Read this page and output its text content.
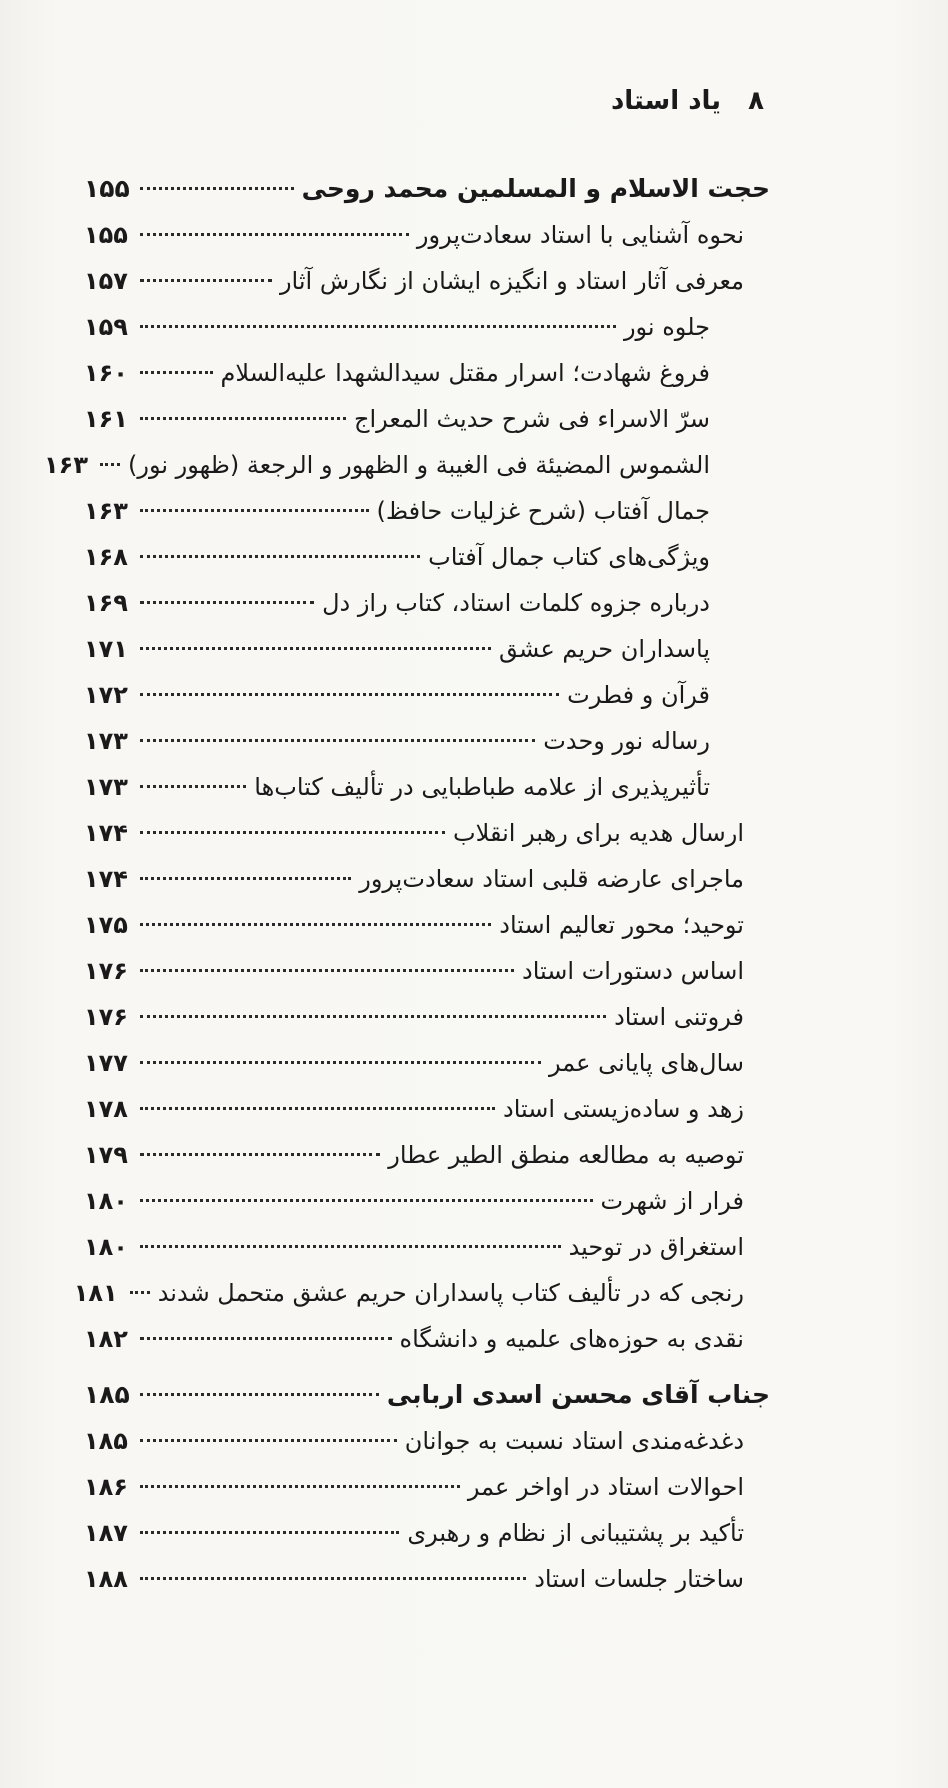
۸ یاد استاد
حجت الاسلام و المسلمین محمد روحی
۱۵۵
نحوه آشنایی با استاد سعادت‌پرور
۱۵۵
معرفی آثار استاد و انگیزه ایشان از نگارش آثار
۱۵۷
جلوه نور
۱۵۹
فروغ شهادت؛ اسرار مقتل سیدالشهدا علیه‌السلام
۱۶۰
سرّ الاسراء فی شرح حدیث المعراج
۱۶۱
الشموس المضیئة فی الغیبة و الظهور و الرجعة (ظهور نور)
۱۶۳
جمال آفتاب (شرح غزلیات حافظ)
۱۶۳
ویژگی‌های کتاب جمال آفتاب
۱۶۸
درباره جزوه کلمات استاد، کتاب راز دل
۱۶۹
پاسداران حریم عشق
۱۷۱
قرآن و فطرت
۱۷۲
رساله نور وحدت
۱۷۳
تأثیرپذیری از علامه طباطبایی در تألیف کتاب‌ها
۱۷۳
ارسال هدیه برای رهبر انقلاب
۱۷۴
ماجرای عارضه قلبی استاد سعادت‌پرور
۱۷۴
توحید؛ محور تعالیم استاد
۱۷۵
اساس دستورات استاد
۱۷۶
فروتنی استاد
۱۷۶
سال‌های پایانی عمر
۱۷۷
زهد و ساده‌زیستی استاد
۱۷۸
توصیه به مطالعه منطق الطیر عطار
۱۷۹
فرار از شهرت
۱۸۰
استغراق در توحید
۱۸۰
رنجی که در تألیف کتاب پاسداران حریم عشق متحمل شدند
۱۸۱
نقدی به حوزه‌های علمیه و دانشگاه
۱۸۲
جناب آقای محسن اسدی اربابی
۱۸۵
دغدغه‌مندی استاد نسبت به جوانان
۱۸۵
احوالات استاد در اواخر عمر
۱۸۶
تأکید بر پشتیبانی از نظام و رهبری
۱۸۷
ساختار جلسات استاد
۱۸۸
